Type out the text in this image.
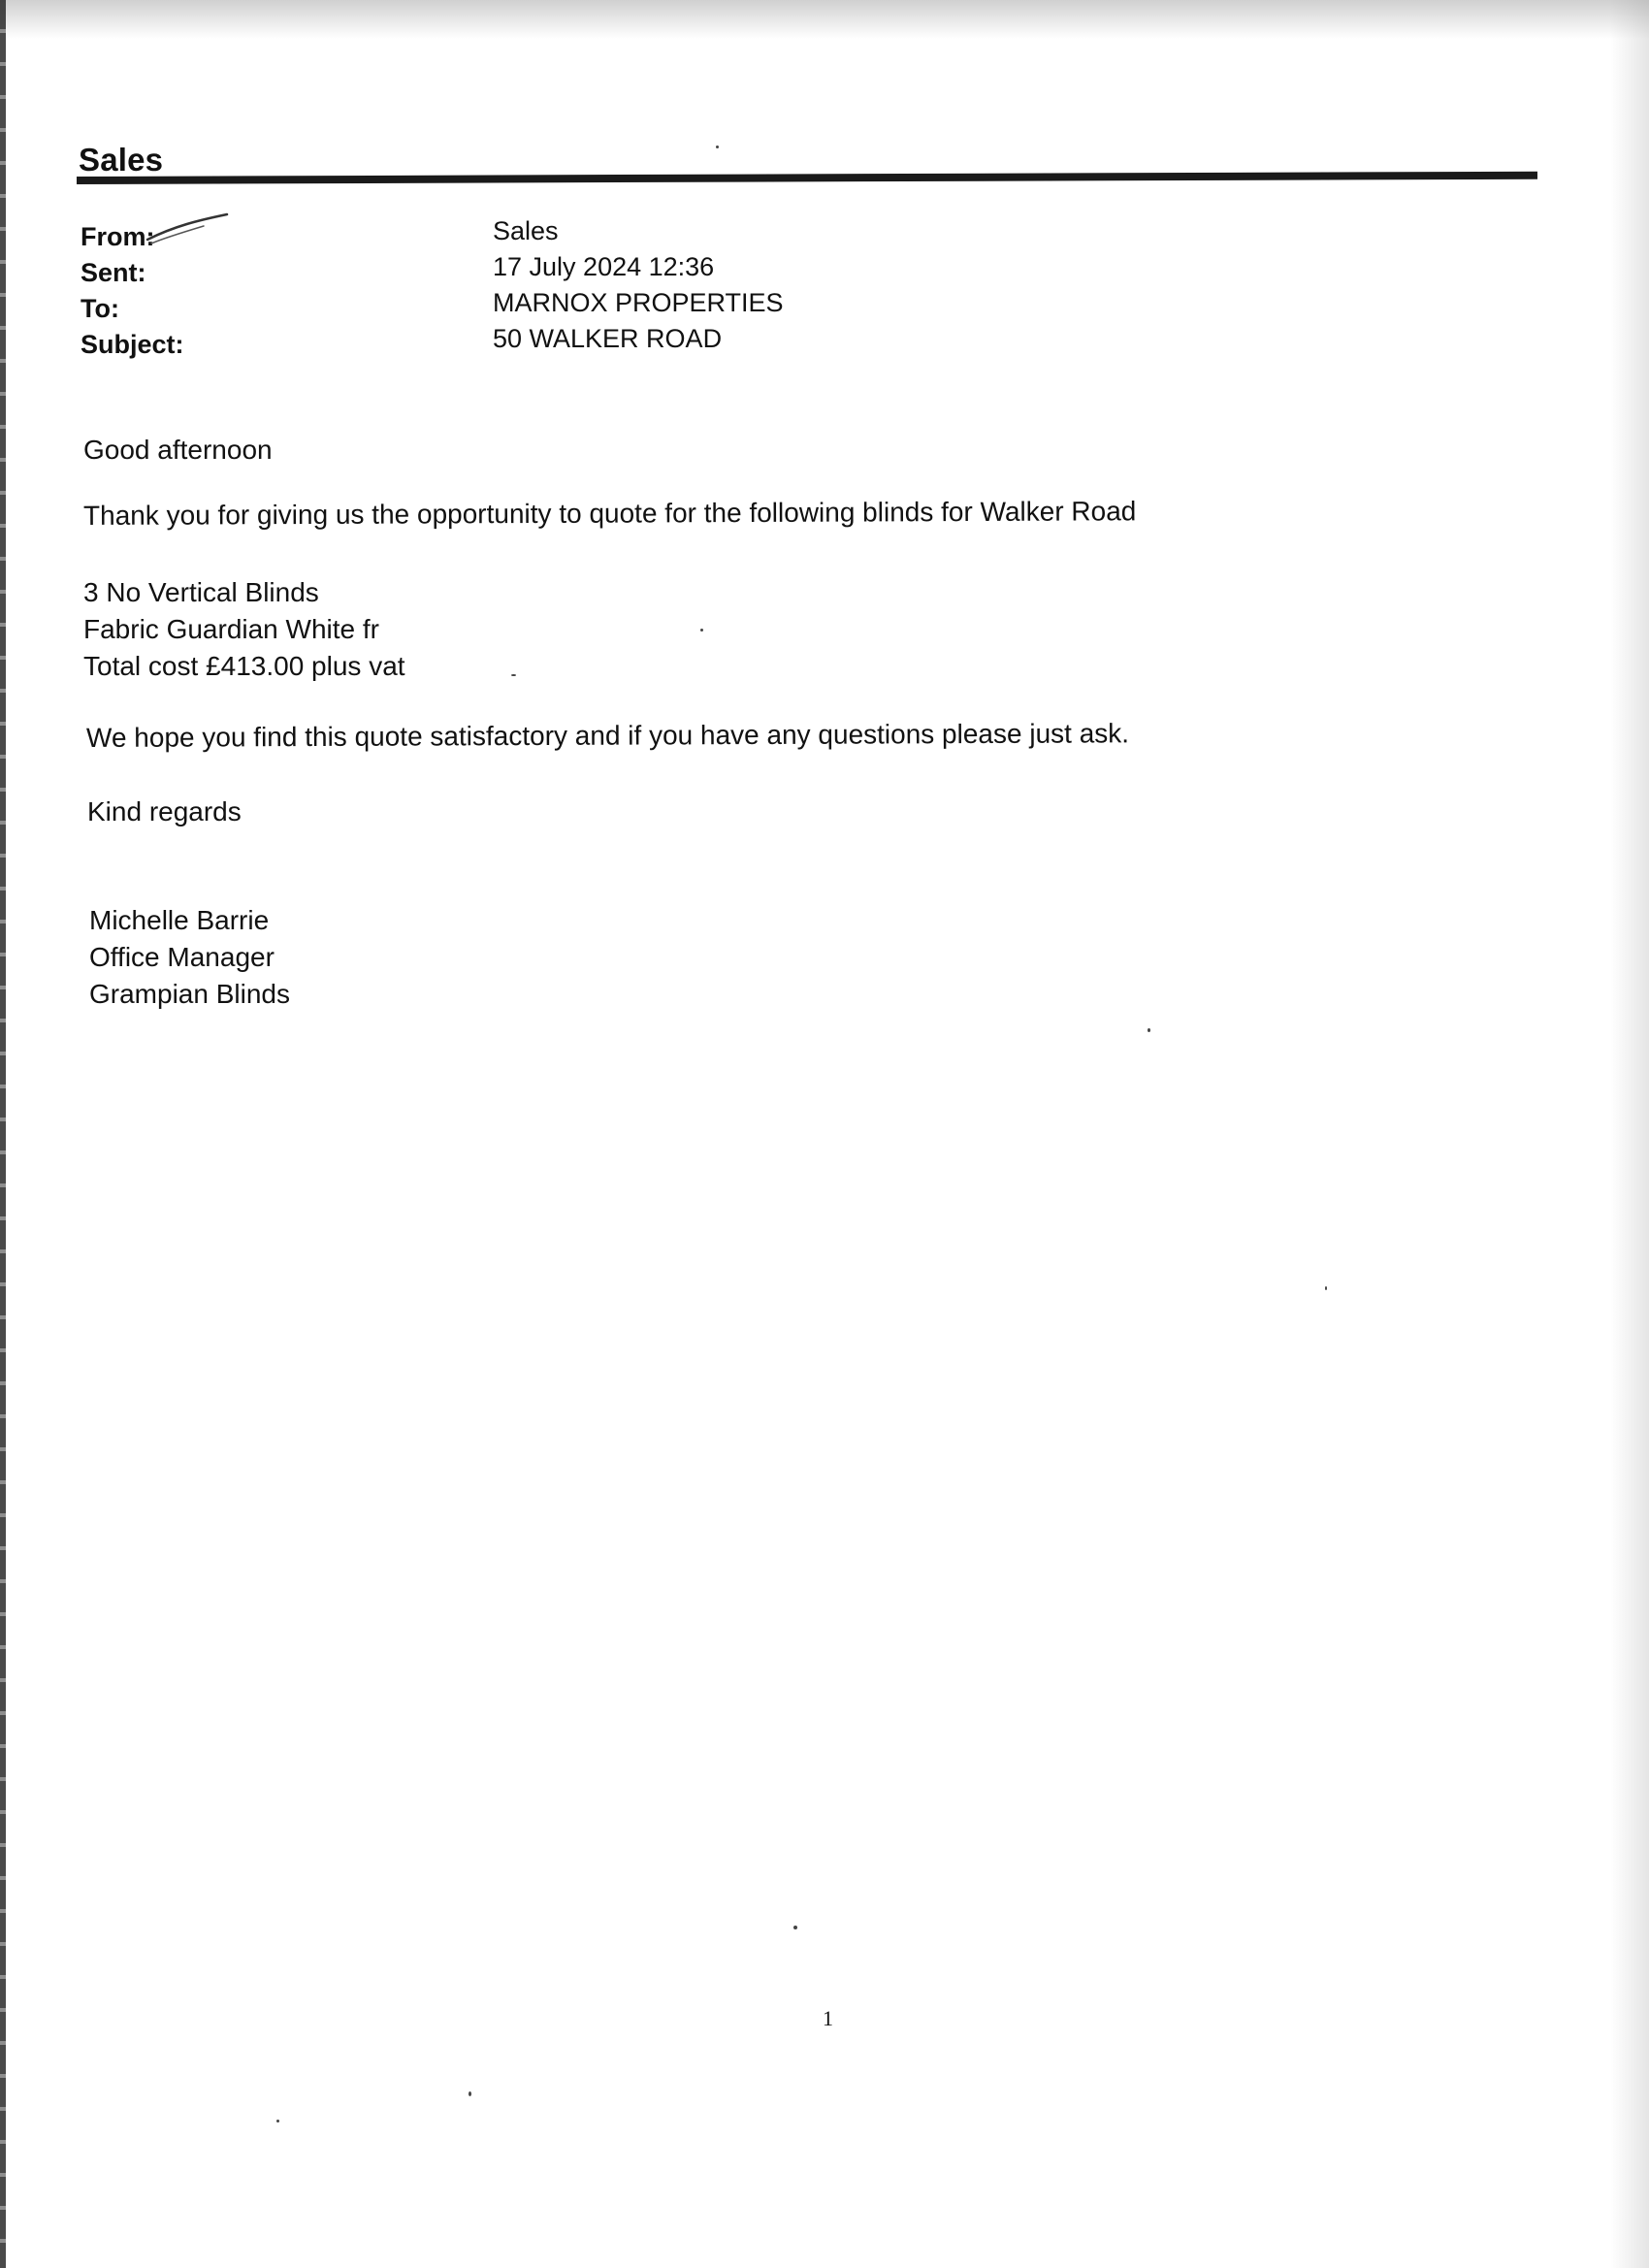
Sales
From:
Sent:
To:
Subject:
Sales
17 July 2024 12:36
MARNOX PROPERTIES
50 WALKER ROAD
Good afternoon
Thank you for giving us the opportunity to quote for the following blinds for Walker Road
3 No Vertical Blinds
Fabric Guardian White fr
Total cost £413.00 plus vat
We hope you find this quote satisfactory and if you have any questions please just ask.
Kind regards
Michelle Barrie
Office Manager
Grampian Blinds
1
